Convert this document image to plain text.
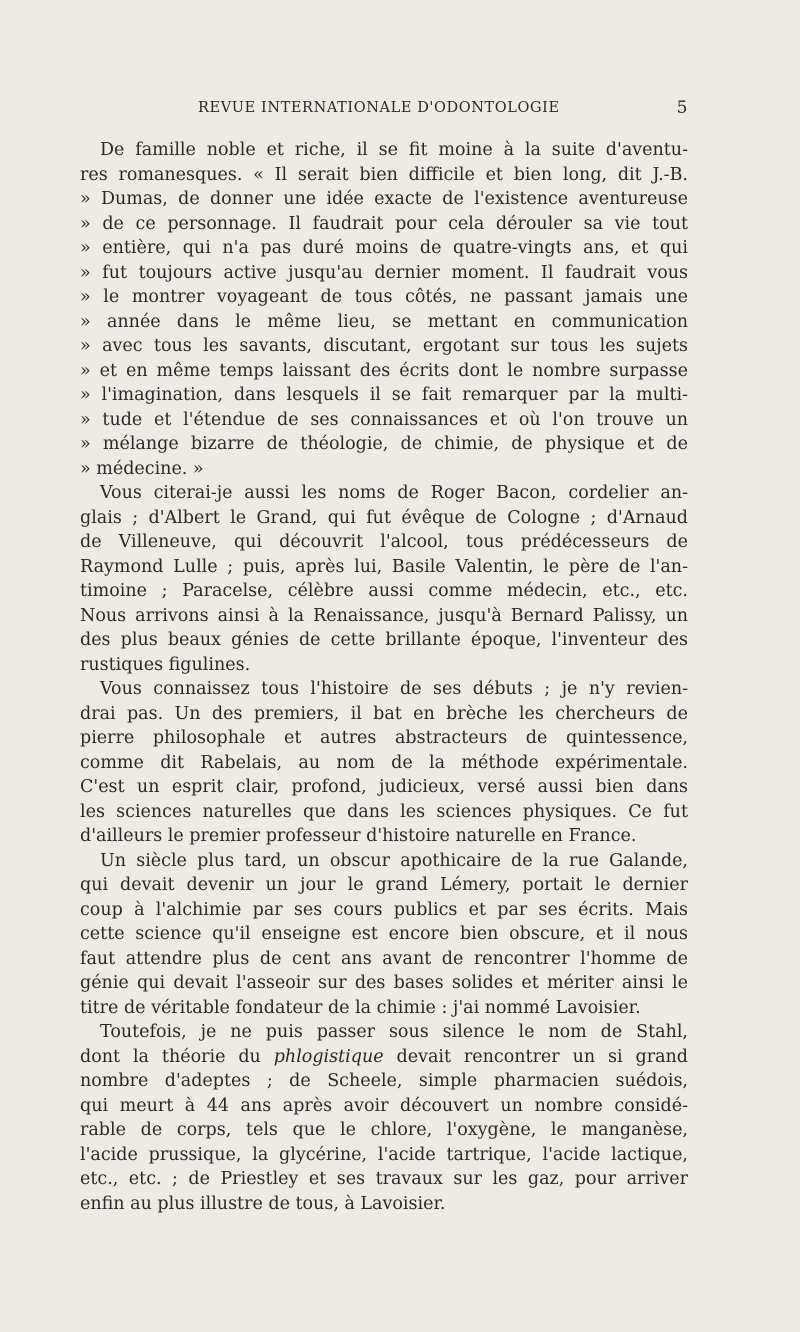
REVUE INTERNATIONALE D'ODONTOLOGIE	5
De famille noble et riche, il se fit moine à la suite d'aventu-
res romanesques. « Il serait bien difficile et bien long, dit J.-B.
» Dumas, de donner une idée exacte de l'existence aventureuse
» de ce personnage. Il faudrait pour cela dérouler sa vie tout
» entière, qui n'a pas duré moins de quatre-vingts ans, et qui
» fut toujours active jusqu'au dernier moment. Il faudrait vous
» le montrer voyageant de tous côtés, ne passant jamais une
» année dans le même lieu, se mettant en communication
» avec tous les savants, discutant, ergotant sur tous les sujets
» et en même temps laissant des écrits dont le nombre surpasse
» l'imagination, dans lesquels il se fait remarquer par la multi-
» tude et l'étendue de ses connaissances et où l'on trouve un
» mélange bizarre de théologie, de chimie, de physique et de
» médecine. »
Vous citerai-je aussi les noms de Roger Bacon, cordelier an-
glais ; d'Albert le Grand, qui fut évêque de Cologne ; d'Arnaud
de Villeneuve, qui découvrit l'alcool, tous prédécesseurs de
Raymond Lulle ; puis, après lui, Basile Valentin, le père de l'an-
timoine ; Paracelse, célèbre aussi comme médecin, etc., etc.
Nous arrivons ainsi à la Renaissance, jusqu'à Bernard Palissy, un
des plus beaux génies de cette brillante époque, l'inventeur des
rustiques figulines.
Vous connaissez tous l'histoire de ses débuts ; je n'y revien-
drai pas. Un des premiers, il bat en brèche les chercheurs de
pierre philosophale et autres abstracteurs de quintessence,
comme dit Rabelais, au nom de la méthode expérimentale.
C'est un esprit clair, profond, judicieux, versé aussi bien dans
les sciences naturelles que dans les sciences physiques. Ce fut
d'ailleurs le premier professeur d'histoire naturelle en France.
Un siècle plus tard, un obscur apothicaire de la rue Galande,
qui devait devenir un jour le grand Lémery, portait le dernier
coup à l'alchimie par ses cours publics et par ses écrits. Mais
cette science qu'il enseigne est encore bien obscure, et il nous
faut attendre plus de cent ans avant de rencontrer l'homme de
génie qui devait l'asseoir sur des bases solides et mériter ainsi le
titre de véritable fondateur de la chimie : j'ai nommé Lavoisier.
Toutefois, je ne puis passer sous silence le nom de Stahl,
dont la théorie du phlogistique devait rencontrer un si grand
nombre d'adeptes ; de Scheele, simple pharmacien suédois,
qui meurt à 44 ans après avoir découvert un nombre considé-
rable de corps, tels que le chlore, l'oxygène, le manganèse,
l'acide prussique, la glycérine, l'acide tartrique, l'acide lactique,
etc., etc. ; de Priestley et ses travaux sur les gaz, pour arriver
enfin au plus illustre de tous, à Lavoisier.
